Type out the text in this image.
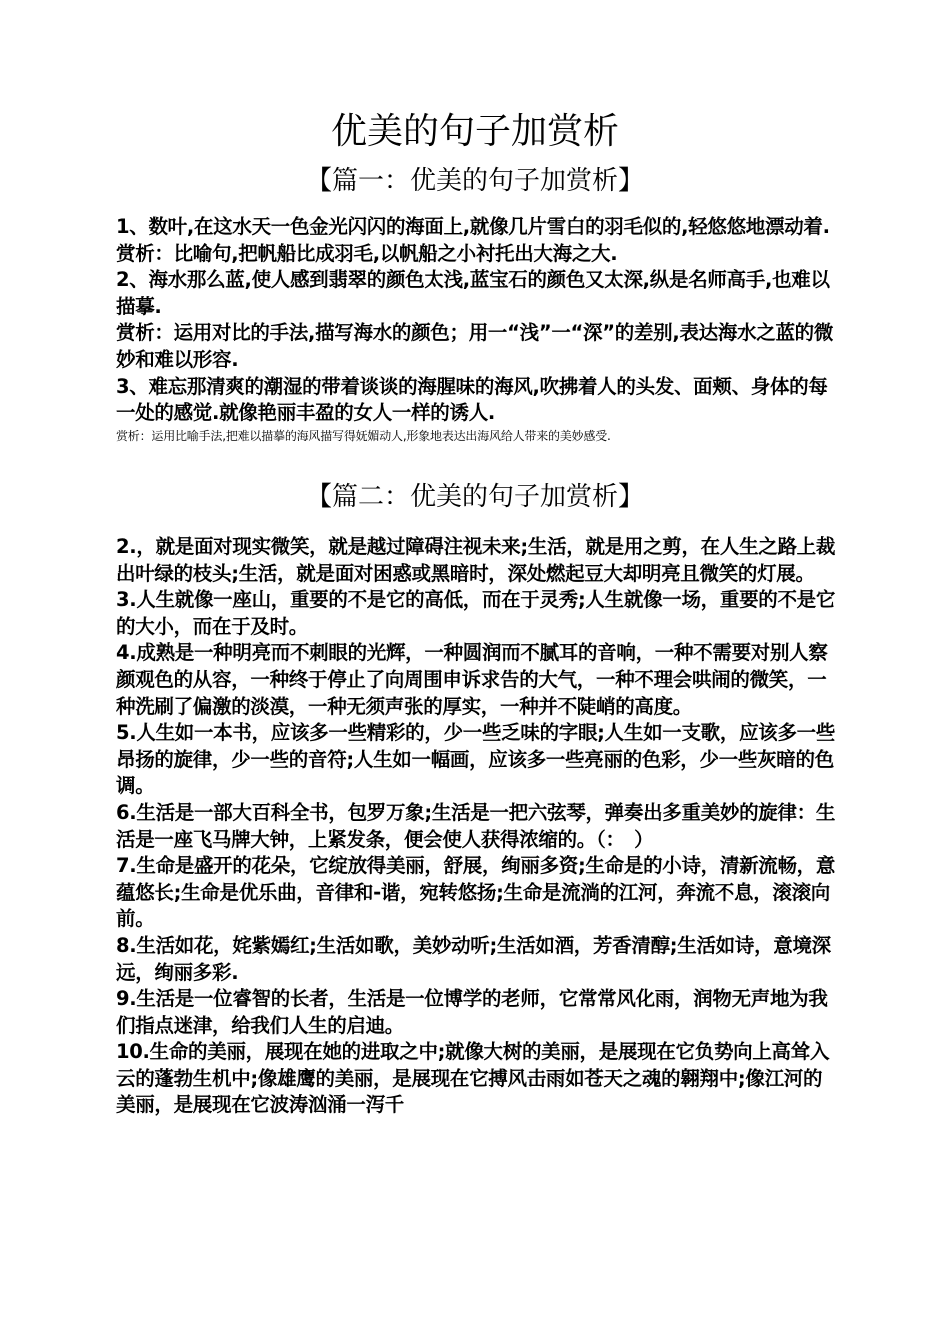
优美的句子加赏析
【篇一：优美的句子加赏析】

1、数叶,在这水天一色金光闪闪的海面上,就像几片雪白的羽毛似的,轻悠悠地漂动着.

赏析：比喻句,把帆船比成羽毛,以帆船之小衬托出大海之大.

2、海水那么蓝,使人感到翡翠的颜色太浅,蓝宝石的颜色又太深,纵是名师高手,也难以描摹.

赏析：运用对比的手法,描写海水的颜色；用一“浅”一“深”的差别,表达海水之蓝的微妙和难以形容.

3、难忘那清爽的潮湿的带着谈谈的海腥味的海风,吹拂着人的头发、面颊、身体的每一处的感觉.就像艳丽丰盈的女人一样的诱人.

赏析：运用比喻手法,把难以描摹的海风描写得妩媚动人,形象地表达出海风给人带来的美妙感受.

【篇二：优美的句子加赏析】

2.，就是面对现实微笑，就是越过障碍注视未来;生活，就是用之剪，在人生之路上裁出叶绿的枝头;生活，就是面对困惑或黑暗时，深处燃起豆大却明亮且微笑的灯展。

3.人生就像一座山，重要的不是它的高低，而在于灵秀;人生就像一场，重要的不是它的大小，而在于及时。

4.成熟是一种明亮而不刺眼的光辉，一种圆润而不腻耳的音响，一种不需要对别人察颜观色的从容，一种终于停止了向周围申诉求告的大气，一种不理会哄闹的微笑，一种洗刷了偏激的淡漠，一种无须声张的厚实，一种并不陡峭的高度。

5.人生如一本书，应该多一些精彩的，少一些乏味的字眼;人生如一支歌，应该多一些昂扬的旋律，少一些的音符;人生如一幅画，应该多一些亮丽的色彩，少一些灰暗的色调。

6.生活是一部大百科全书，包罗万象;生活是一把六弦琴，弹奏出多重美妙的旋律：生活是一座飞马牌大钟，上紧发条，便会使人获得浓缩的。（：　）

7.生命是盛开的花朵，它绽放得美丽，舒展，绚丽多资;生命是的小诗，清新流畅，意蕴悠长;生命是优乐曲，音律和-谐，宛转悠扬;生命是流淌的江河，奔流不息，滚滚向前。

8.生活如花，姹紫嫣红;生活如歌，美妙动听;生活如酒，芳香清醇;生活如诗，意境深远，绚丽多彩.

9.生活是一位睿智的长者，生活是一位博学的老师，它常常风化雨，润物无声地为我们指点迷津，给我们人生的启迪。

10.生命的美丽，展现在她的进取之中;就像大树的美丽，是展现在它负势向上高耸入云的蓬勃生机中;像雄鹰的美丽，是展现在它搏风击雨如苍天之魂的翱翔中;像江河的美丽，是展现在它波涛汹涌一泻千
